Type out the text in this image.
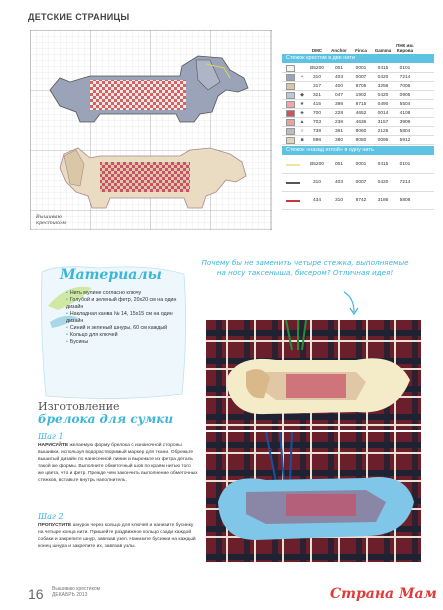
ДЕТСКИЕ СТРАНИЦЫ
Вышиваю
крестиком
DMC	Anchor	Finca	Gamma
ПНК им. Кирова
Стежок крестом в две нити
B5200	001	0001	0415	0101
•	310	403	0007	0420	7214
317	400	8705	3258	7006
◆	321	047	1902	0420	0905
★	415	398	8715	0490	5504
♣	700	228	4652	0014	4108
▲	703	238	4636	3157	3909
○	738	361	8060	2125	5804
■	898	380	8080	0095	5912
Стежок «назад иглой» в одну нить
B5200	001	0001	0415	0101
310	403	0007	0420	7214
434	310	8742	3186	5808
Материалы
• Нить мулине согласно ключу
• Голубой и зеленый фетр, 20x20 см на один дизайн
• Накладная канва № 14, 15x15 см на один дизайн
• Синий и зеленый шнуры, 60 см каждый
• Кольцо для ключей
• Бусины
Почему бы не заменить четыре стежка, выполняемые на носу таксеныша, бисером? Отличная идея!
Изготовление
брелока для сумки
Шаг 1
НАРИСУЙТЕ желаемую форму брелока с изнаночной стороны вышивки, используя водорастворимый маркер для ткани. Обрежьте вышитый дизайн по нанесенной линии и вырежьте из фетра деталь такой же формы. Выполните обметочный шов по краям нитью того же цвета, что и фетр. Прежде чем закончить выполнение обметочных стежков, вставьте внутрь наполнитель.
Шаг 2
ПРОПУСТИТЕ шнурок через кольцо для ключей и нанизите бусинку на четыре конца нити. Пришейте раздвижное кольцо сзади каждой собаки и закрепите шнур, завязав узел. Нанизите бусинки на каждый конец шнура и закрепите их, завязав узлы.
16 Вышиваю крестиком
ДЕКАБРЬ 2013	Страна Мам
